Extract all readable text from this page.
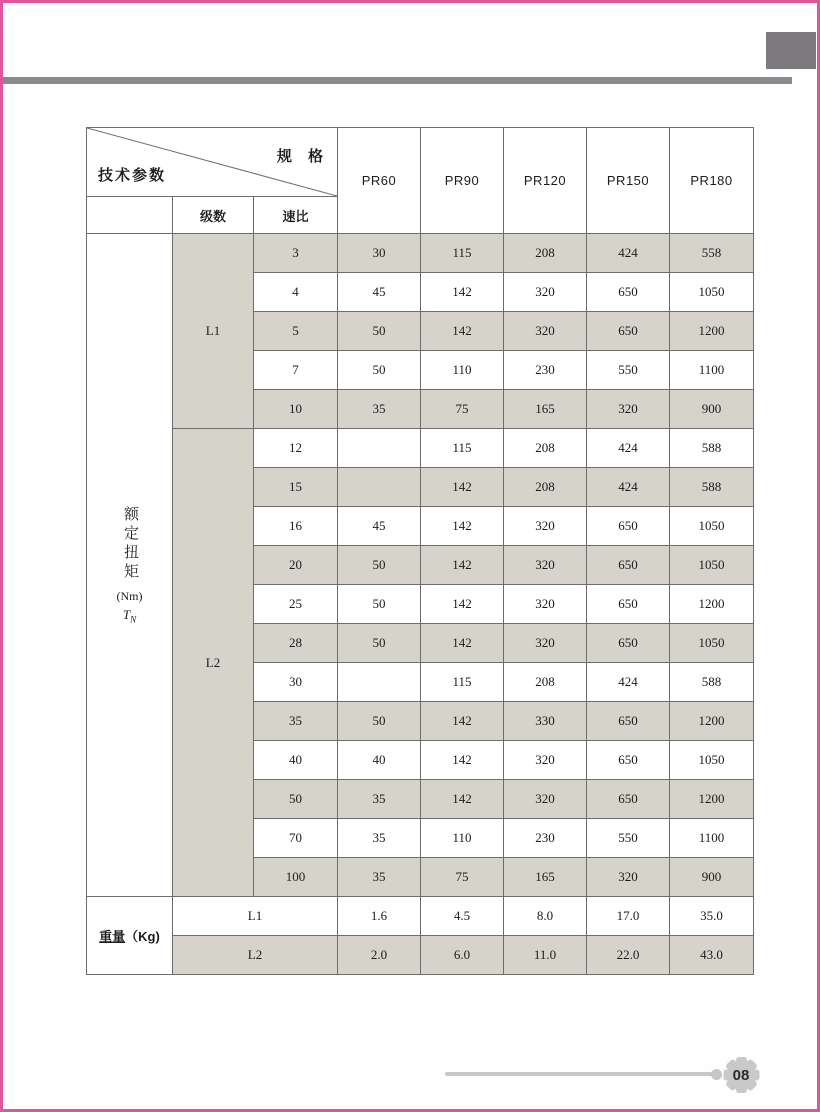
规 格
技术参数			PR60	PR90	PR120	PR150	PR180
	级数	速比					

额定扭矩
(Nm)
$T_N$	L1	3	30	115	208	424	558
		4	45	142	320	650	1050
		5	50	142	320	650	1200
		7	50	110	230	550	1100
		10	35	75	165	320	900
	L2	12		115	208	424	588
		15		142	208	424	588
		16	45	142	320	650	1050
		20	50	142	320	650	1050
		25	50	142	320	650	1200
		28	50	142	320	650	1050
		30		115	208	424	588
		35	50	142	330	650	1200
		40	40	142	320	650	1050
		50	35	142	320	650	1200
		70	35	110	230	550	1100
		100	35	75	165	320	900
重量（Kg)	L1		1.6	4.5	8.0	17.0	35.0
	L2		2.0	6.0	11.0	22.0	43.0
08
